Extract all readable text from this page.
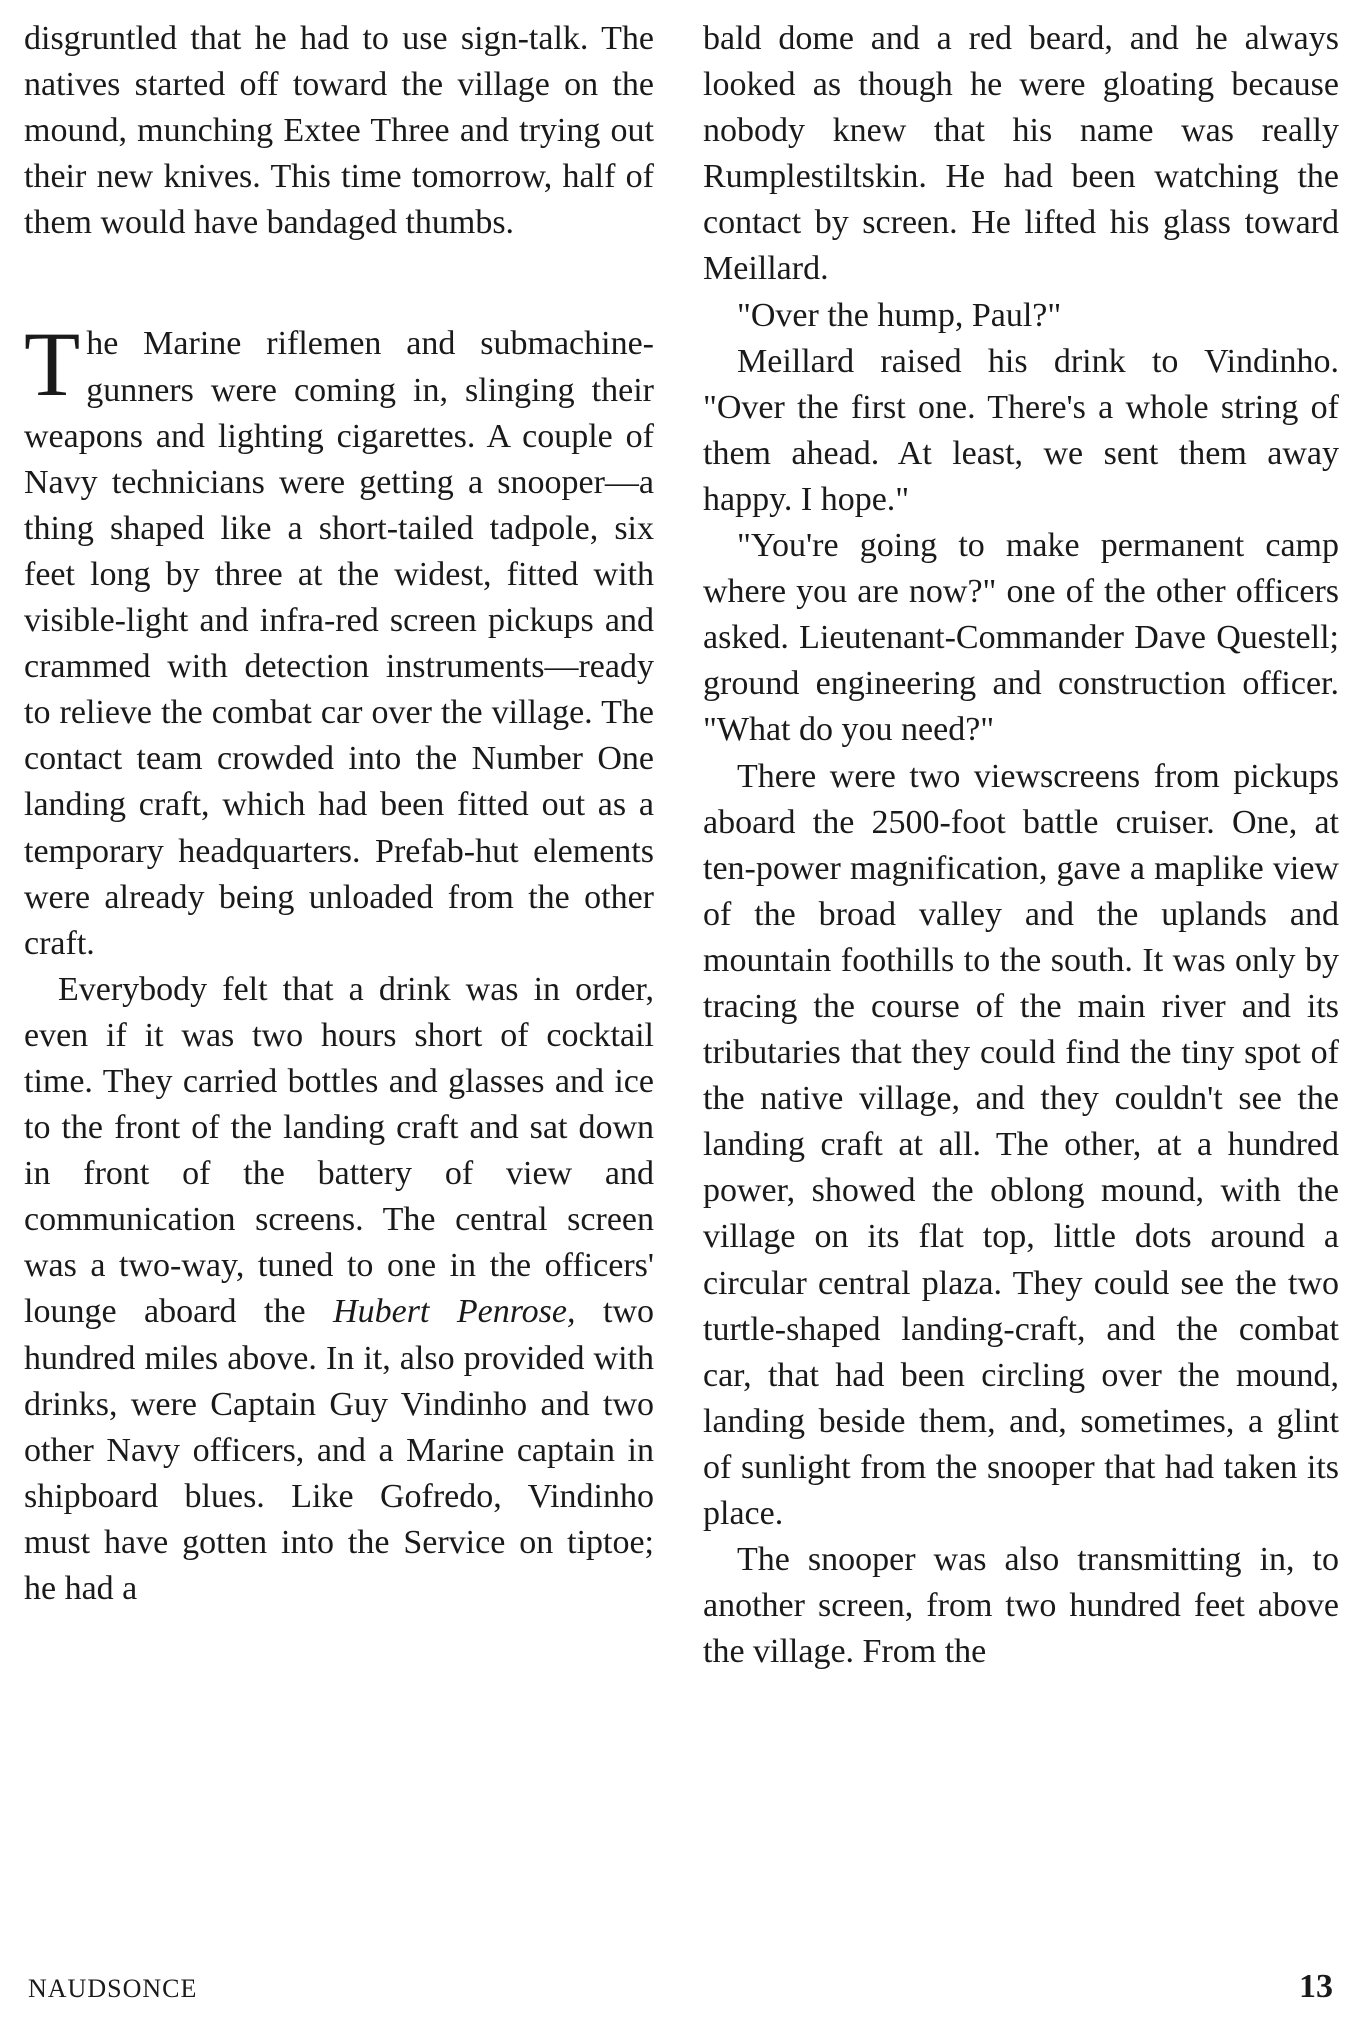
disgruntled that he had to use sign-talk. The natives started off toward the village on the mound, munching Extee Three and trying out their new knives. This time tomorrow, half of them would have bandaged thumbs.

The Marine riflemen and submachine-gunners were coming in, slinging their weapons and lighting cigarettes. A couple of Navy technicians were getting a snooper—a thing shaped like a short-tailed tadpole, six feet long by three at the widest, fitted with visible-light and infra-red screen pickups and crammed with detection instruments—ready to relieve the combat car over the village. The contact team crowded into the Number One landing craft, which had been fitted out as a temporary headquarters. Prefab-hut elements were already being unloaded from the other craft.

Everybody felt that a drink was in order, even if it was two hours short of cocktail time. They carried bottles and glasses and ice to the front of the landing craft and sat down in front of the battery of view and communication screens. The central screen was a two-way, tuned to one in the officers' lounge aboard the Hubert Penrose, two hundred miles above. In it, also provided with drinks, were Captain Guy Vindinho and two other Navy officers, and a Marine captain in shipboard blues. Like Gofredo, Vindinho must have gotten into the Service on tiptoe; he had a

bald dome and a red beard, and he always looked as though he were gloating because nobody knew that his name was really Rumplestiltskin. He had been watching the contact by screen. He lifted his glass toward Meillard.

"Over the hump, Paul?"

Meillard raised his drink to Vindinho. "Over the first one. There's a whole string of them ahead. At least, we sent them away happy. I hope."

"You're going to make permanent camp where you are now?" one of the other officers asked. Lieutenant-Commander Dave Questell; ground engineering and construction officer. "What do you need?"

There were two viewscreens from pickups aboard the 2500-foot battle cruiser. One, at ten-power magnification, gave a maplike view of the broad valley and the uplands and mountain foothills to the south. It was only by tracing the course of the main river and its tributaries that they could find the tiny spot of the native village, and they couldn't see the landing craft at all. The other, at a hundred power, showed the oblong mound, with the village on its flat top, little dots around a circular central plaza. They could see the two turtle-shaped landing-craft, and the combat car, that had been circling over the mound, landing beside them, and, sometimes, a glint of sunlight from the snooper that had taken its place.

The snooper was also transmitting in, to another screen, from two hundred feet above the village. From the

NAUDSONCE	13
